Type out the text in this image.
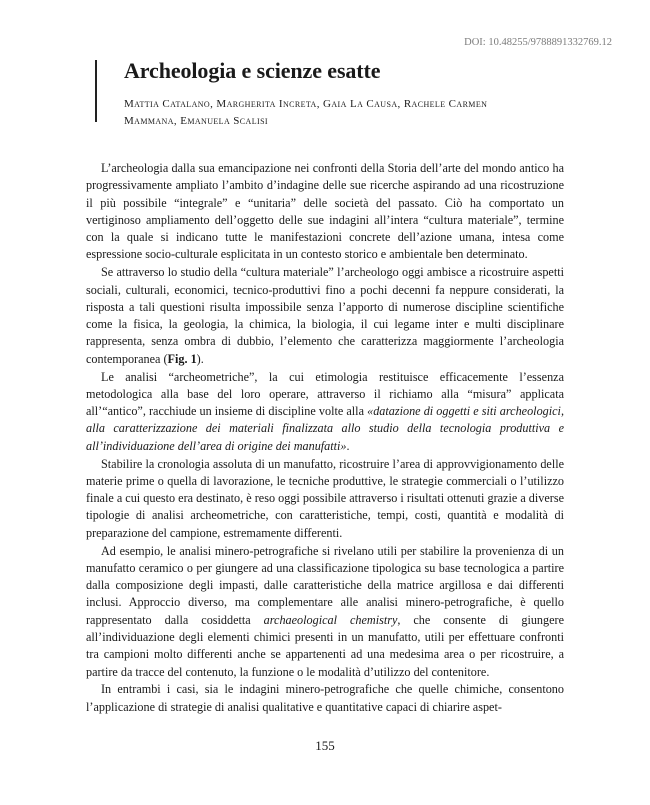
DOI: 10.48255/9788891332769.12
Archeologia e scienze esatte
Mattia Catalano, Margherita Increta, Gaia La Causa, Rachele Carmen
Mammana, Emanuela Scalisi

L’archeologia dalla sua emancipazione nei confronti della Storia dell’arte del mondo antico ha progressivamente ampliato l’ambito d’indagine delle sue ricerche aspirando ad una ricostruzione il più possibile “integrale” e “unitaria” delle società del passato. Ciò ha comportato un vertiginoso ampliamento dell’oggetto delle sue indagini all’intera “cultura materiale”, termine con la quale si indicano tutte le manifestazioni concrete dell’azione umana, intesa come espressione socio-culturale esplicitata in un contesto storico e ambientale ben determinato.

Se attraverso lo studio della “cultura materiale” l’archeologo oggi ambisce a ricostruire aspetti sociali, culturali, economici, tecnico-produttivi fino a pochi decenni fa neppure considerati, la risposta a tali questioni risulta impossibile senza l’apporto di numerose discipline scientifiche come la fisica, la geologia, la chimica, la biologia, il cui legame inter e multi disciplinare rappresenta, senza ombra di dubbio, l’elemento che caratterizza maggiormente l’archeologia contemporanea (Fig. 1).

Le analisi “archeometriche”, la cui etimologia restituisce efficacemente l’essenza metodologica alla base del loro operare, attraverso il richiamo alla “misura” applicata all’“antico”, racchiude un insieme di discipline volte alla «datazione di oggetti e siti archeologici, alla caratterizzazione dei materiali finalizzata allo studio della tecnologia produttiva e all’individuazione dell’area di origine dei manufatti».

Stabilire la cronologia assoluta di un manufatto, ricostruire l’area di approvvigionamento delle materie prime o quella di lavorazione, le tecniche produttive, le strategie commerciali o l’utilizzo finale a cui questo era destinato, è reso oggi possibile attraverso i risultati ottenuti grazie a diverse tipologie di analisi archeometriche, con caratteristiche, tempi, costi, quantità e modalità di preparazione del campione, estremamente differenti.

Ad esempio, le analisi minero-petrografiche si rivelano utili per stabilire la provenienza di un manufatto ceramico o per giungere ad una classificazione tipologica su base tecnologica a partire dalla composizione degli impasti, dalle caratteristiche della matrice argillosa e dai differenti inclusi. Approccio diverso, ma complementare alle analisi minero-petrografiche, è quello rappresentato dalla cosiddetta archaeological chemistry, che consente di giungere all’individuazione degli elementi chimici presenti in un manufatto, utili per effettuare confronti tra campioni molto differenti anche se appartenenti ad una medesima area o per ricostruire, a partire da tracce del contenuto, la funzione o le modalità d’utilizzo del contenitore.

In entrambi i casi, sia le indagini minero-petrografiche che quelle chimiche, consentono l’applicazione di strategie di analisi qualitative e quantitative capaci di chiarire aspet-

155
